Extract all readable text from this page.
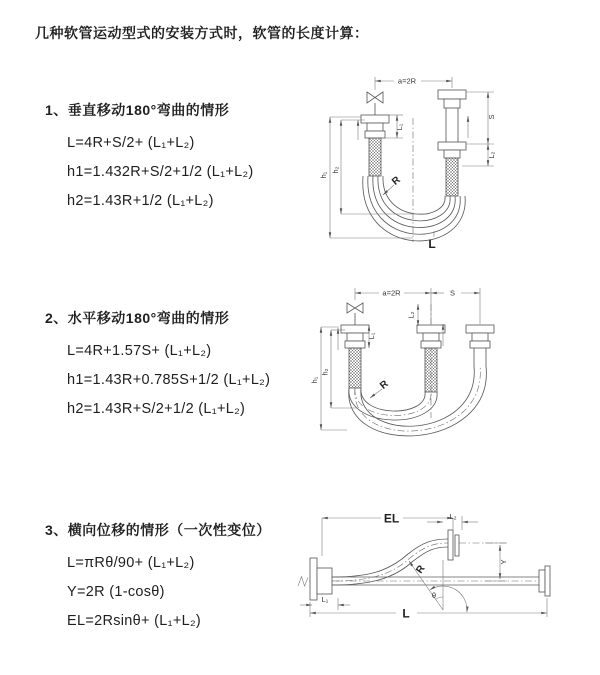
几种软管运动型式的安装方式时，软管的长度计算：
1、垂直移动180°弯曲的情形
L=4R+S/2+ (L₁+L₂)
h1=1.432R+S/2+1/2 (L₁+L₂)
h2=1.43R+1/2 (L₁+L₂)
2、水平移动180°弯曲的情形
L=4R+1.57S+ (L₁+L₂)
h1=1.43R+0.785S+1/2 (L₁+L₂)
h2=1.43R+S/2+1/2 (L₁+L₂)
3、横向位移的情形（一次性变位）
L=πRθ/90+ (L₁+L₂)
Y=2R (1-cosθ)
EL=2Rsinθ+ (L₁+L₂)
a=2R
L₁
S
L₂
h₁
h₂
R
L
a=2R	S
L₁
L₂
h₁
h₂
R
EL	L₂
Y
R
θ
L₁
L
